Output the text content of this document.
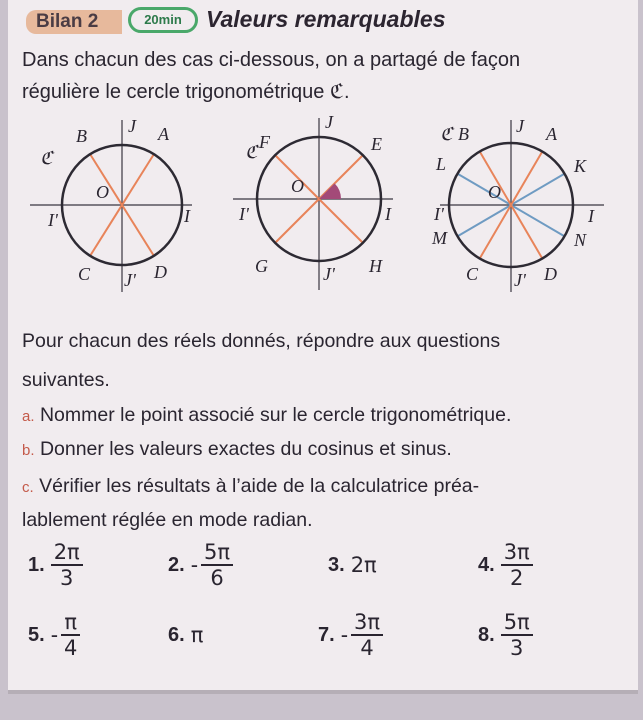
Bilan 2	20min	Valeurs remarquables
Dans chacun des cas ci-dessous, on a partagé de façon
régulière le cercle trigonométrique ℭ.
J A
B
ℭ
O
I'	I
C J' D
J
F
ℭ	E
O
I'	I
G	J' H
J
B
ℭ	A
L	K
O
I'	I
M	N
C J' D
Pour chacun des réels donnés, répondre aux questions
suivantes.
a. Nommer le point associé sur le cercle trigonométrique.
b. Donner les valeurs exactes du cosinus et sinus.
c. Vérifier les résultats à l’aide de la calculatrice préa-
lablement réglée en mode radian.
1. $\frac{2\pi}{3}$	2. - $\frac{5\pi}{6}$	3. 2π	4. $\frac{3\pi}{2}$
5. - $\frac{\pi}{4}$	6. π	7. - $\frac{3\pi}{4}$	8. $\frac{5\pi}{3}$
